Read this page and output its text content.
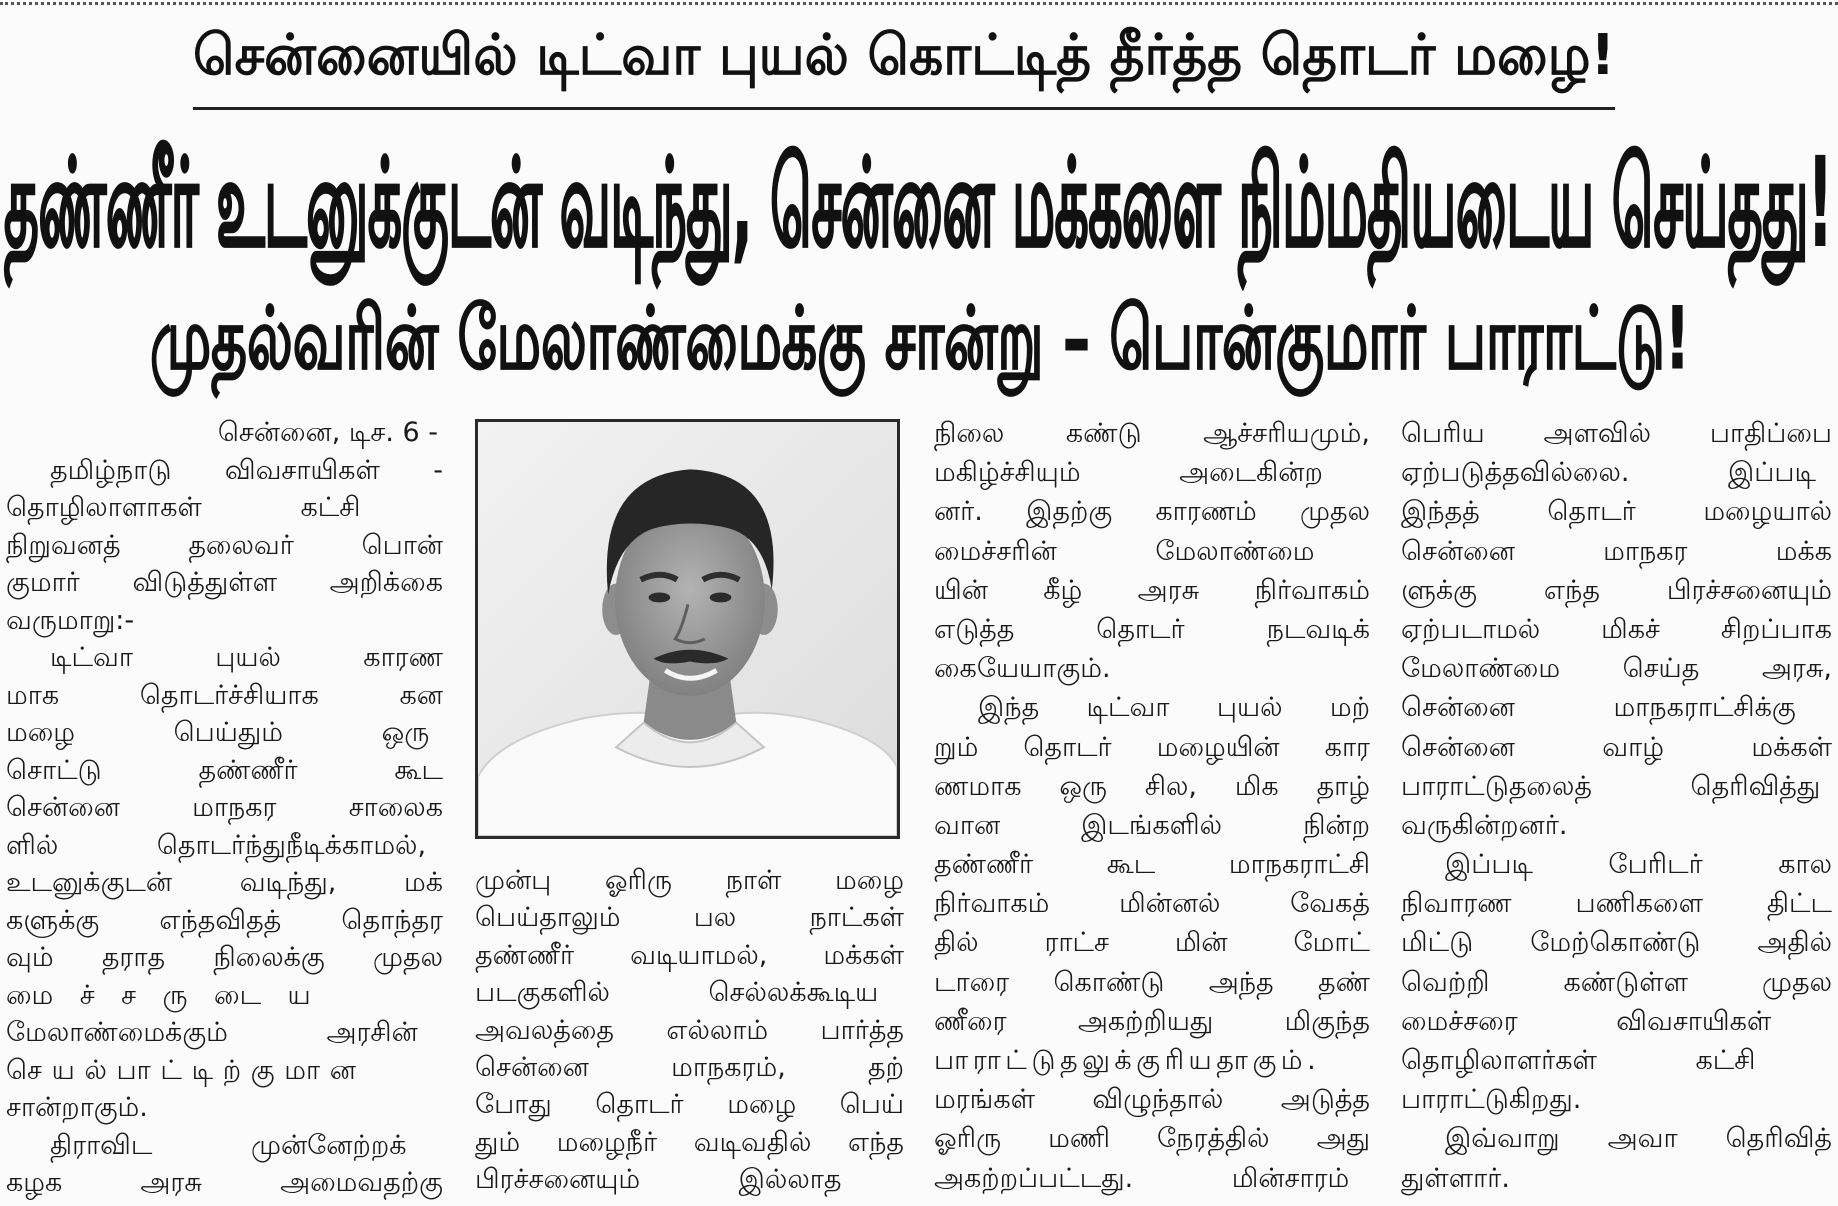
சென்னையில் டிட்வா புயல் கொட்டித் தீர்த்த தொடர் மழை!
தண்ணீர் உடனுக்குடன் வடிந்து, சென்னை மக்களை நிம்மதியடைய செய்தது!
முதல்வரின் மேலாண்மைக்கு சான்று – பொன்குமார் பாராட்டு!
சென்னை, டிச. 6 -
தமிழ்நாடு விவசாயிகள் -
தொழிலாளாகள் கட்சி
நிறுவனத் தலைவர் பொன்
குமார் விடுத்துள்ள அறிக்கை
வருமாறு:-
டிட்வா புயல் காரண
மாக தொடர்ச்சியாக கன
மழை பெய்தும் ஒரு
சொட்டு தண்ணீர் கூட
சென்னை மாநகர சாலைக
ளில் தொடர்ந்துநீடிக்காமல்,
உடனுக்குடன் வடிந்து, மக்
களுக்கு எந்தவிதத் தொந்தர
வும் தராத நிலைக்கு முதல
மைச்சருடைய
மேலாண்மைக்கும் அரசின்
செயல்பாட்டிற்குமான
சான்றாகும்.
திராவிட முன்னேற்றக்
கழக அரசு அமைவதற்கு
முன்பு ஓரிரு நாள் மழை
பெய்தாலும் பல நாட்கள்
தண்ணீர் வடியாமல், மக்கள்
படகுகளில் செல்லக்கூடிய
அவலத்தை எல்லாம் பார்த்த
சென்னை மாநகரம், தற்
போது தொடர் மழை பெய்
தும் மழைநீர் வடிவதில் எந்த
பிரச்சனையும் இல்லாத
நிலை கண்டு ஆச்சரியமும்,
மகிழ்ச்சியும் அடைகின்ற
னர். இதற்கு காரணம் முதல
மைச்சரின் மேலாண்மை
யின் கீழ் அரசு நிர்வாகம்
எடுத்த தொடர் நடவடிக்
கையேயாகும்.
இந்த டிட்வா புயல் மற்
றும் தொடர் மழையின் கார
ணமாக ஒரு சில, மிக தாழ்
வான இடங்களில் நின்ற
தண்ணீர் கூட மாநகராட்சி
நிர்வாகம் மின்னல் வேகத்
தில் ராட்ச மின் மோட்
டாரை கொண்டு அந்த தண்
ணீரை அகற்றியது மிகுந்த
பாராட்டுதலுக்குரியதாகும்.
மரங்கள் விழுந்தால் அடுத்த
ஓரிரு மணி நேரத்தில் அது
அகற்றப்பட்டது. மின்சாரம்
பெரிய அளவில் பாதிப்பை
ஏற்படுத்தவில்லை. இப்படி
இந்தத் தொடர் மழையால்
சென்னை மாநகர மக்க
ளுக்கு எந்த பிரச்சனையும்
ஏற்படாமல் மிகச் சிறப்பாக
மேலாண்மை செய்த அரசு,
சென்னை மாநகராட்சிக்கு
சென்னை வாழ் மக்கள்
பாராட்டுதலைத் தெரிவித்து
வருகின்றனர்.
இப்படி பேரிடர் கால
நிவாரண பணிகளை திட்ட
மிட்டு மேற்கொண்டு அதில்
வெற்றி கண்டுள்ள முதல
மைச்சரை விவசாயிகள்
தொழிலாளர்கள் கட்சி
பாராட்டுகிறது.
இவ்வாறு அவா தெரிவித்
துள்ளார்.
